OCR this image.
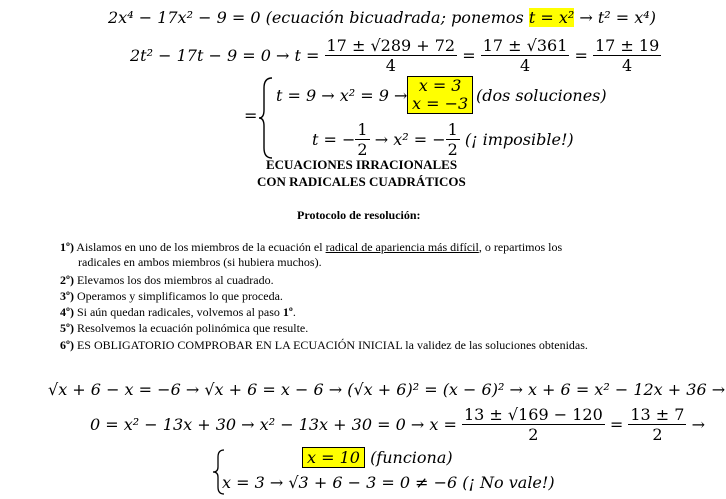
2x⁴ − 17x² − 9 = 0 (ecuación bicuadrada; ponemos t = x² → t² = x⁴)
$2t^2 - 17t - 9 = 0 \to t = \frac{17 \pm √289 + 72}{4} = \frac{17 \pm √361}{4} = \frac{17 \pm 19}{4}$
=
t = 9 → x² = 9 →
x = 3
x = −3 (dos soluciones)
t = − $\frac{1}{2} \to x^2$ = − $\frac{1}{2}$ (¡ imposible!)
ECUACIONES IRRACIONALES
CON RADICALES CUADRÁTICOS
Protocolo de resolución:
1º) Aislamos en uno de los miembros de la ecuación el radical de apariencia más difícil, o repartimos los
radicales en ambos miembros (si hubiera muchos).
2º) Elevamos los dos miembros al cuadrado.
3º) Operamos y simplificamos lo que proceda.
4º) Si aún quedan radicales, volvemos al paso 1º.
5º) Resolvemos la ecuación polinómica que resulte.
6º) ES OBLIGATORIO COMPROBAR EN LA ECUACIÓN INICIAL la validez de las soluciones obtenidas.
√x + 6 − x = −6 → √x + 6 = x − 6 → (√x + 6)² = (x − 6)² → x + 6 = x² − 12x + 36 →
$0 = x^2 - 13x + 30 \to x^2 - 13x + 30 = 0 \to x = \frac{13 \pm √169 - 120}{2} = \frac{13 \pm 7}{2}$ →
x = 10 (funciona)
x = 3 → √3 + 6 − 3 = 0 ≠ −6 (¡ No vale!)
